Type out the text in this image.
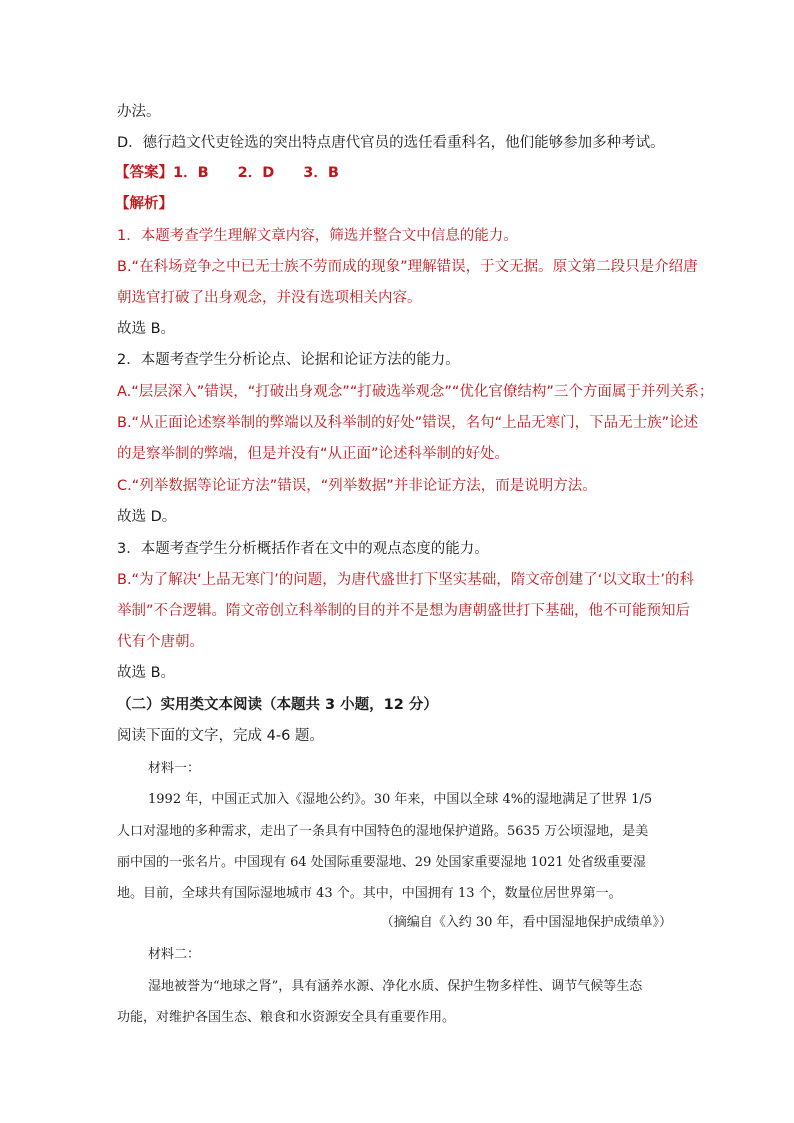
办法。
D．德行趋文代吏铨选的突出特点唐代官员的选任看重科名，他们能够参加多种考试。
【答案】1．B　　2．D　　3．B
【解析】
1．本题考查学生理解文章内容，筛选并整合文中信息的能力。
B.“在科场竞争之中已无士族不劳而成的现象”理解错误，于文无据。原文第二段只是介绍唐
朝选官打破了出身观念，并没有选项相关内容。
故选 B。
2．本题考查学生分析论点、论据和论证方法的能力。
A.“层层深入”错误，“打破出身观念”“打破选举观念”“优化官僚结构”三个方面属于并列关系；
B.“从正面论述察举制的弊端以及科举制的好处”错误，名句“上品无寒门，下品无士族”论述
的是察举制的弊端，但是并没有“从正面”论述科举制的好处。
C.“列举数据等论证方法”错误，“列举数据”并非论证方法，而是说明方法。
故选 D。
3．本题考查学生分析概括作者在文中的观点态度的能力。
B.“为了解决‘上品无寒门’的问题，为唐代盛世打下坚实基础，隋文帝创建了‘以文取士’的科
举制”不合逻辑。隋文帝创立科举制的目的并不是想为唐朝盛世打下基础，他不可能预知后
代有个唐朝。
故选 B。
（二）实用类文本阅读（本题共 3 小题，12 分）
阅读下面的文字，完成 4-6 题。
材料一：
1992 年，中国正式加入《湿地公约》。30 年来，中国以全球 4%的湿地满足了世界 1/5
人口对湿地的多种需求，走出了一条具有中国特色的湿地保护道路。5635 万公顷湿地，是美
丽中国的一张名片。中国现有 64 处国际重要湿地、29 处国家重要湿地 1021 处省级重要湿
地。目前，全球共有国际湿地城市 43 个。其中，中国拥有 13 个，数量位居世界第一。
（摘编自《入约 30 年，看中国湿地保护成绩单》）
材料二：
湿地被誉为“地球之肾”，具有涵养水源、净化水质、保护生物多样性、调节气候等生态
功能，对维护各国生态、粮食和水资源安全具有重要作用。
